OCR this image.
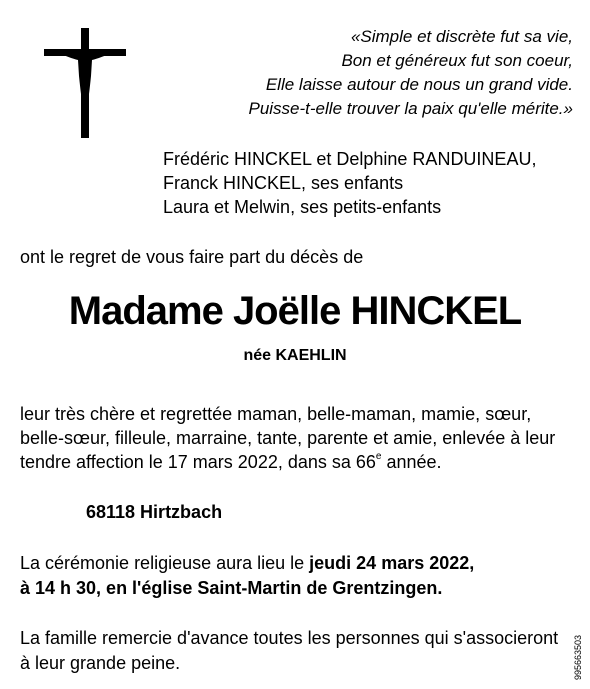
«Simple et discrète fut sa vie,
Bon et généreux fut son coeur,
Elle laisse autour de nous un grand vide.
Puisse-t-elle trouver la paix qu'elle mérite.»
Frédéric HINCKEL et Delphine RANDUINEAU,
Franck HINCKEL, ses enfants
Laura et Melwin, ses petits-enfants
ont le regret de vous faire part du décès de
Madame Joëlle HINCKEL
née KAEHLIN
leur très chère et regrettée maman, belle-maman, mamie, sœur,
belle-sœur, filleule, marraine, tante, parente et amie, enlevée à leur
tendre affection le 17 mars 2022, dans sa 66e année.
68118 Hirtzbach
La cérémonie religieuse aura lieu le jeudi 24 mars 2022,
à 14 h 30, en l'église Saint-Martin de Grentzingen.
La famille remercie d'avance toutes les personnes qui s'associeront
à leur grande peine.	995663503
